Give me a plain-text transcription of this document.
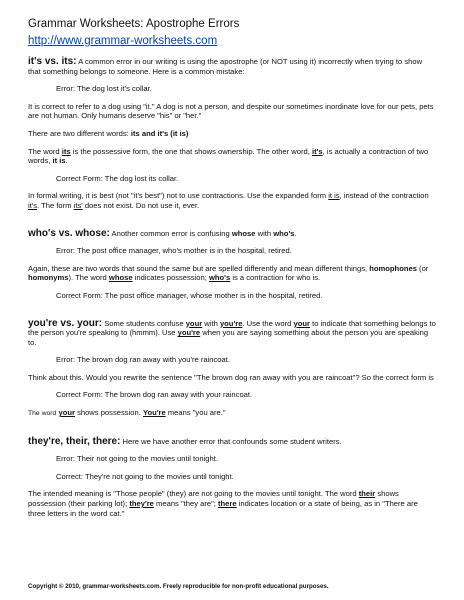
Grammar Worksheets: Apostrophe Errors
http://www.grammar-worksheets.com

it's vs. its: A common error in our writing is using the apostrophe (or NOT using it) incorrectly when trying to show that something belongs to someone. Here is a common mistake:

Error: The dog lost it's collar.

It is correct to refer to a dog using "it." A dog is not a person, and despite our sometimes inordinate love for our pets, pets are not human. Only humans deserve "his" or "her."

There are two different words: its and it's (it is)

The word its is the possessive form, the one that shows ownership. The other word, it's, is actually a contraction of two words, it is.

Correct Form: The dog lost its collar.

In formal writing, it is best (not "it's best") not to use contractions. Use the expanded form it is, instead of the contraction it's. The form its' does not exist. Do not use it, ever.

who's vs. whose: Another common error is confusing whose with who's.

Error: The post office manager, who's mother is in the hospital, retired.

Again, these are two words that sound the same but are spelled differently and mean different things, homophones (or homonyms). The word whose indicates possession; who's is a contraction for who is.

Correct Form: The post office manager, whose mother is in the hospital, retired.

you're vs. your: Some students confuse your with you're. Use the word your to indicate that something belongs to the person you're speaking to (hmmm). Use you're when you are saying something about the person you are speaking to.

Error: The brown dog ran away with you're raincoat.

Think about this. Would you rewrite the sentence "The brown dog ran away with you are raincoat"? So the correct form is

Correct Form: The brown dog ran away with your raincoat.

The word your shows possession. You're means "you are."

they're, their, there: Here we have another error that confounds some student writers.

Error: Their not going to the movies until tonight.

Correct: They're not going to the movies until tonight.

The intended meaning is "Those people" (they) are not going to the movies until tonight. The word their shows possession (their parking lot); they're means "they are"; there indicates location or a state of being, as in "There are three letters in the word cat."

Copyright © 2010, grammar-worksheets.com. Freely reproducible for non-profit educational purposes.
